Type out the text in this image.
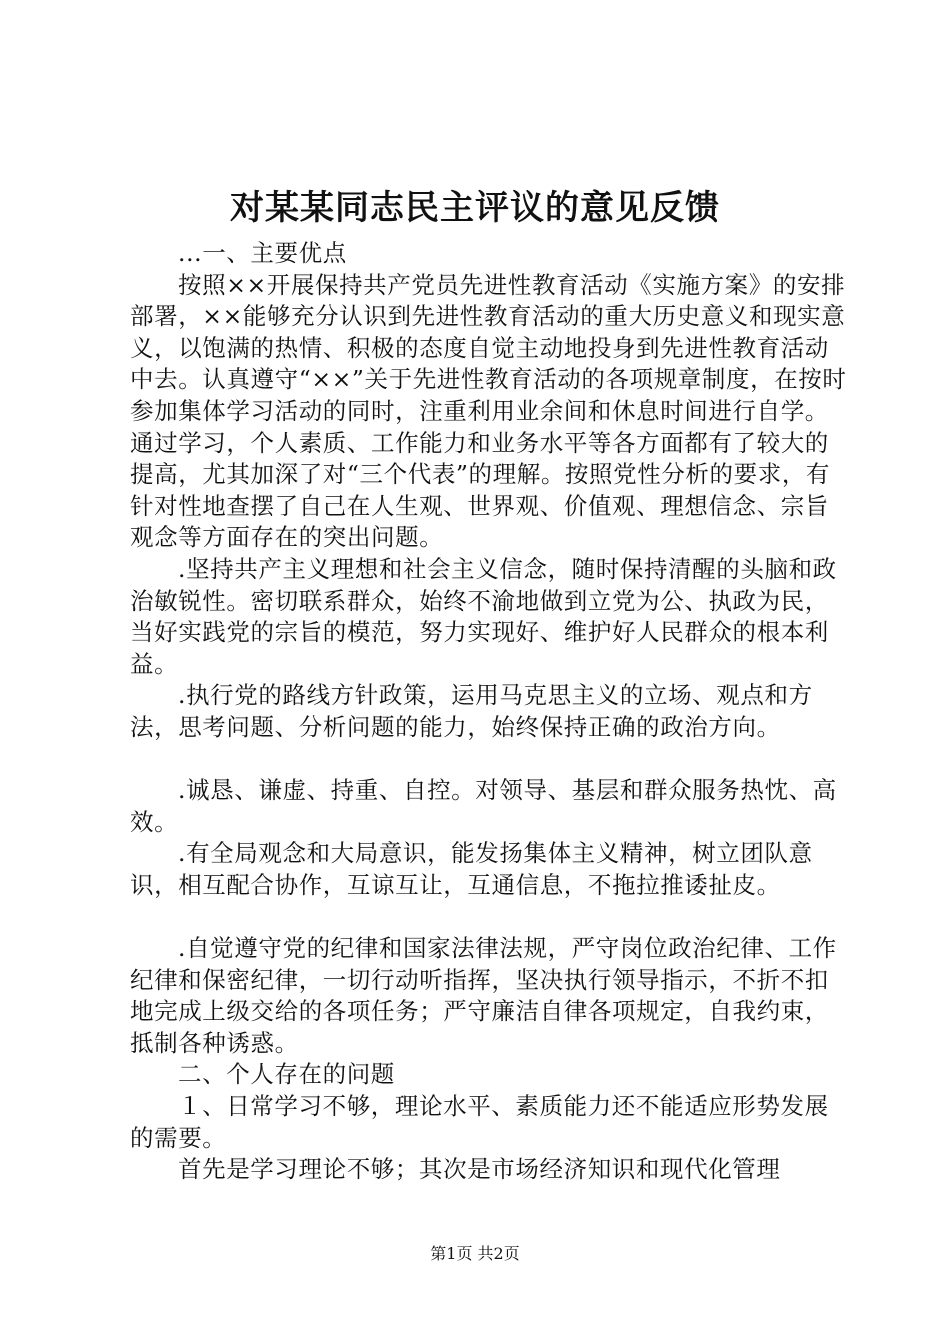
对某某同志民主评议的意见反馈

...一、主要优点

按照××开展保持共产党员先进性教育活动《实施方案》的安排部署，××能够充分认识到先进性教育活动的重大历史意义和现实意义，以饱满的热情、积极的态度自觉主动地投身到先进性教育活动中去。认真遵守“××”关于先进性教育活动的各项规章制度，在按时参加集体学习活动的同时，注重利用业余间和休息时间进行自学。通过学习，个人素质、工作能力和业务水平等各方面都有了较大的提高，尤其加深了对“三个代表”的理解。按照党性分析的要求，有针对性地查摆了自己在人生观、世界观、价值观、理想信念、宗旨观念等方面存在的突出问题。

.坚持共产主义理想和社会主义信念，随时保持清醒的头脑和政治敏锐性。密切联系群众，始终不渝地做到立党为公、执政为民，当好实践党的宗旨的模范，努力实现好、维护好人民群众的根本利益。

.执行党的路线方针政策，运用马克思主义的立场、观点和方法，思考问题、分析问题的能力，始终保持正确的政治方向。

.诚恳、谦虚、持重、自控。对领导、基层和群众服务热忱、高效。

.有全局观念和大局意识，能发扬集体主义精神，树立团队意识，相互配合协作，互谅互让，互通信息，不拖拉推诿扯皮。

.自觉遵守党的纪律和国家法律法规，严守岗位政治纪律、工作纪律和保密纪律，一切行动听指挥，坚决执行领导指示，不折不扣地完成上级交给的各项任务；严守廉洁自律各项规定，自我约束，抵制各种诱惑。

二、个人存在的问题

１、日常学习不够，理论水平、素质能力还不能适应形势发展的需要。

首先是学习理论不够；其次是市场经济知识和现代化管理

第1页 共2页
